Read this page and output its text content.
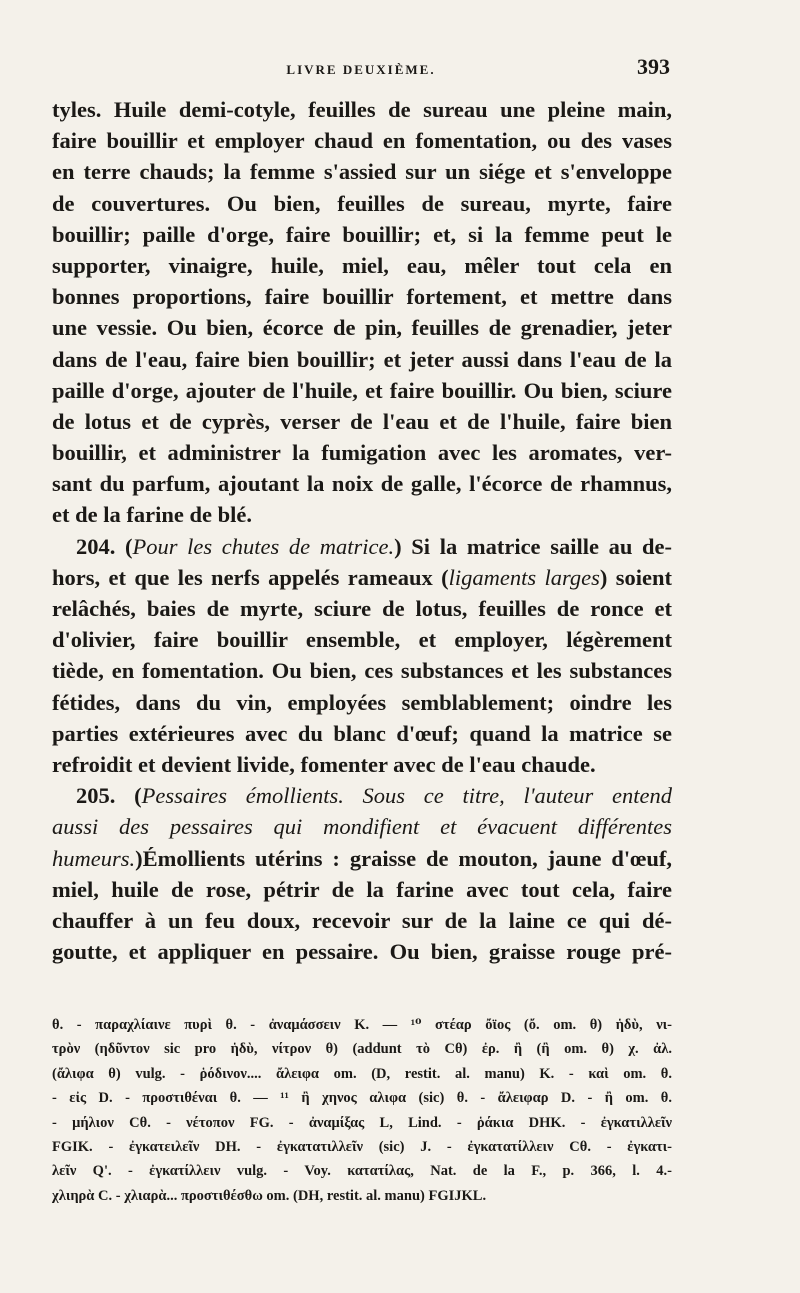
LIVRE DEUXIÈME.	393
tyles. Huile demi-cotyle, feuilles de sureau une pleine main,
faire bouillir et employer chaud en fomentation, ou des vases
en terre chauds; la femme s'assied sur un siége et s'enveloppe
de couvertures. Ou bien, feuilles de sureau, myrte, faire
bouillir; paille d'orge, faire bouillir; et, si la femme peut le
supporter, vinaigre, huile, miel, eau, mêler tout cela en
bonnes proportions, faire bouillir fortement, et mettre dans
une vessie. Ou bien, écorce de pin, feuilles de grenadier, jeter
dans de l'eau, faire bien bouillir; et jeter aussi dans l'eau de la
paille d'orge, ajouter de l'huile, et faire bouillir. Ou bien, sciure
de lotus et de cyprès, verser de l'eau et de l'huile, faire bien
bouillir, et administrer la fumigation avec les aromates, ver-
sant du parfum, ajoutant la noix de galle, l'écorce de rhamnus,
et de la farine de blé.
204. (Pour les chutes de matrice.) Si la matrice saille au de-
hors, et que les nerfs appelés rameaux (ligaments larges) soient
relâchés, baies de myrte, sciure de lotus, feuilles de ronce et
d'olivier, faire bouillir ensemble, et employer, légèrement
tiède, en fomentation. Ou bien, ces substances et les substances
fétides, dans du vin, employées semblablement; oindre les
parties extérieures avec du blanc d'œuf; quand la matrice se
refroidit et devient livide, fomenter avec de l'eau chaude.
205. (Pessaires émollients. Sous ce titre, l'auteur entend
aussi des pessaires qui mondifient et évacuent différentes
humeurs.)Émollients utérins : graisse de mouton, jaune d'œuf,
miel, huile de rose, pétrir de la farine avec tout cela, faire
chauffer à un feu doux, recevoir sur de la laine ce qui dé-
goutte, et appliquer en pessaire. Ou bien, graisse rouge pré-
θ. - παραχλίαινε πυρὶ θ. - ἀναμάσσειν K. — ¹⁰ στέαρ ὄϊος (ὄ. om. θ) ἡδὺ, νι-
τρὸν (ηδῦντον sic pro ἡδὺ, νίτρον θ) (addunt τὸ Cθ) ἐρ. ἢ (ἢ om. θ) χ. ἀλ.
(ἄλιφα θ) vulg. - ῥόδινον.... ἄλειφα om. (D, restit. al. manu) K. - καὶ om. θ.
- εἰς D. - προστιθέναι θ. — ¹¹ ἢ χηνος αλιφα (sic) θ. - ἄλειφαρ D. - ἢ om. θ.
- μήλιον Cθ. - νέτοπον FG. - ἀναμίξας L, Lind. - ῥάκια DHK. - ἐγκατιλλεῖν
FGIK. - ἐγκατειλεῖν DH. - ἐγκατατιλλεῖν (sic) J. - ἐγκατατίλλειν Cθ. - ἐγκατι-
λεῖν Q'. - ἐγκατίλλειν vulg. - Voy. κατατίλας, Nat. de la F., p. 366, l. 4.-
χλιηρὰ C. - χλιαρὰ... προστιθέσθω om. (DH, restit. al. manu) FGIJKL.
